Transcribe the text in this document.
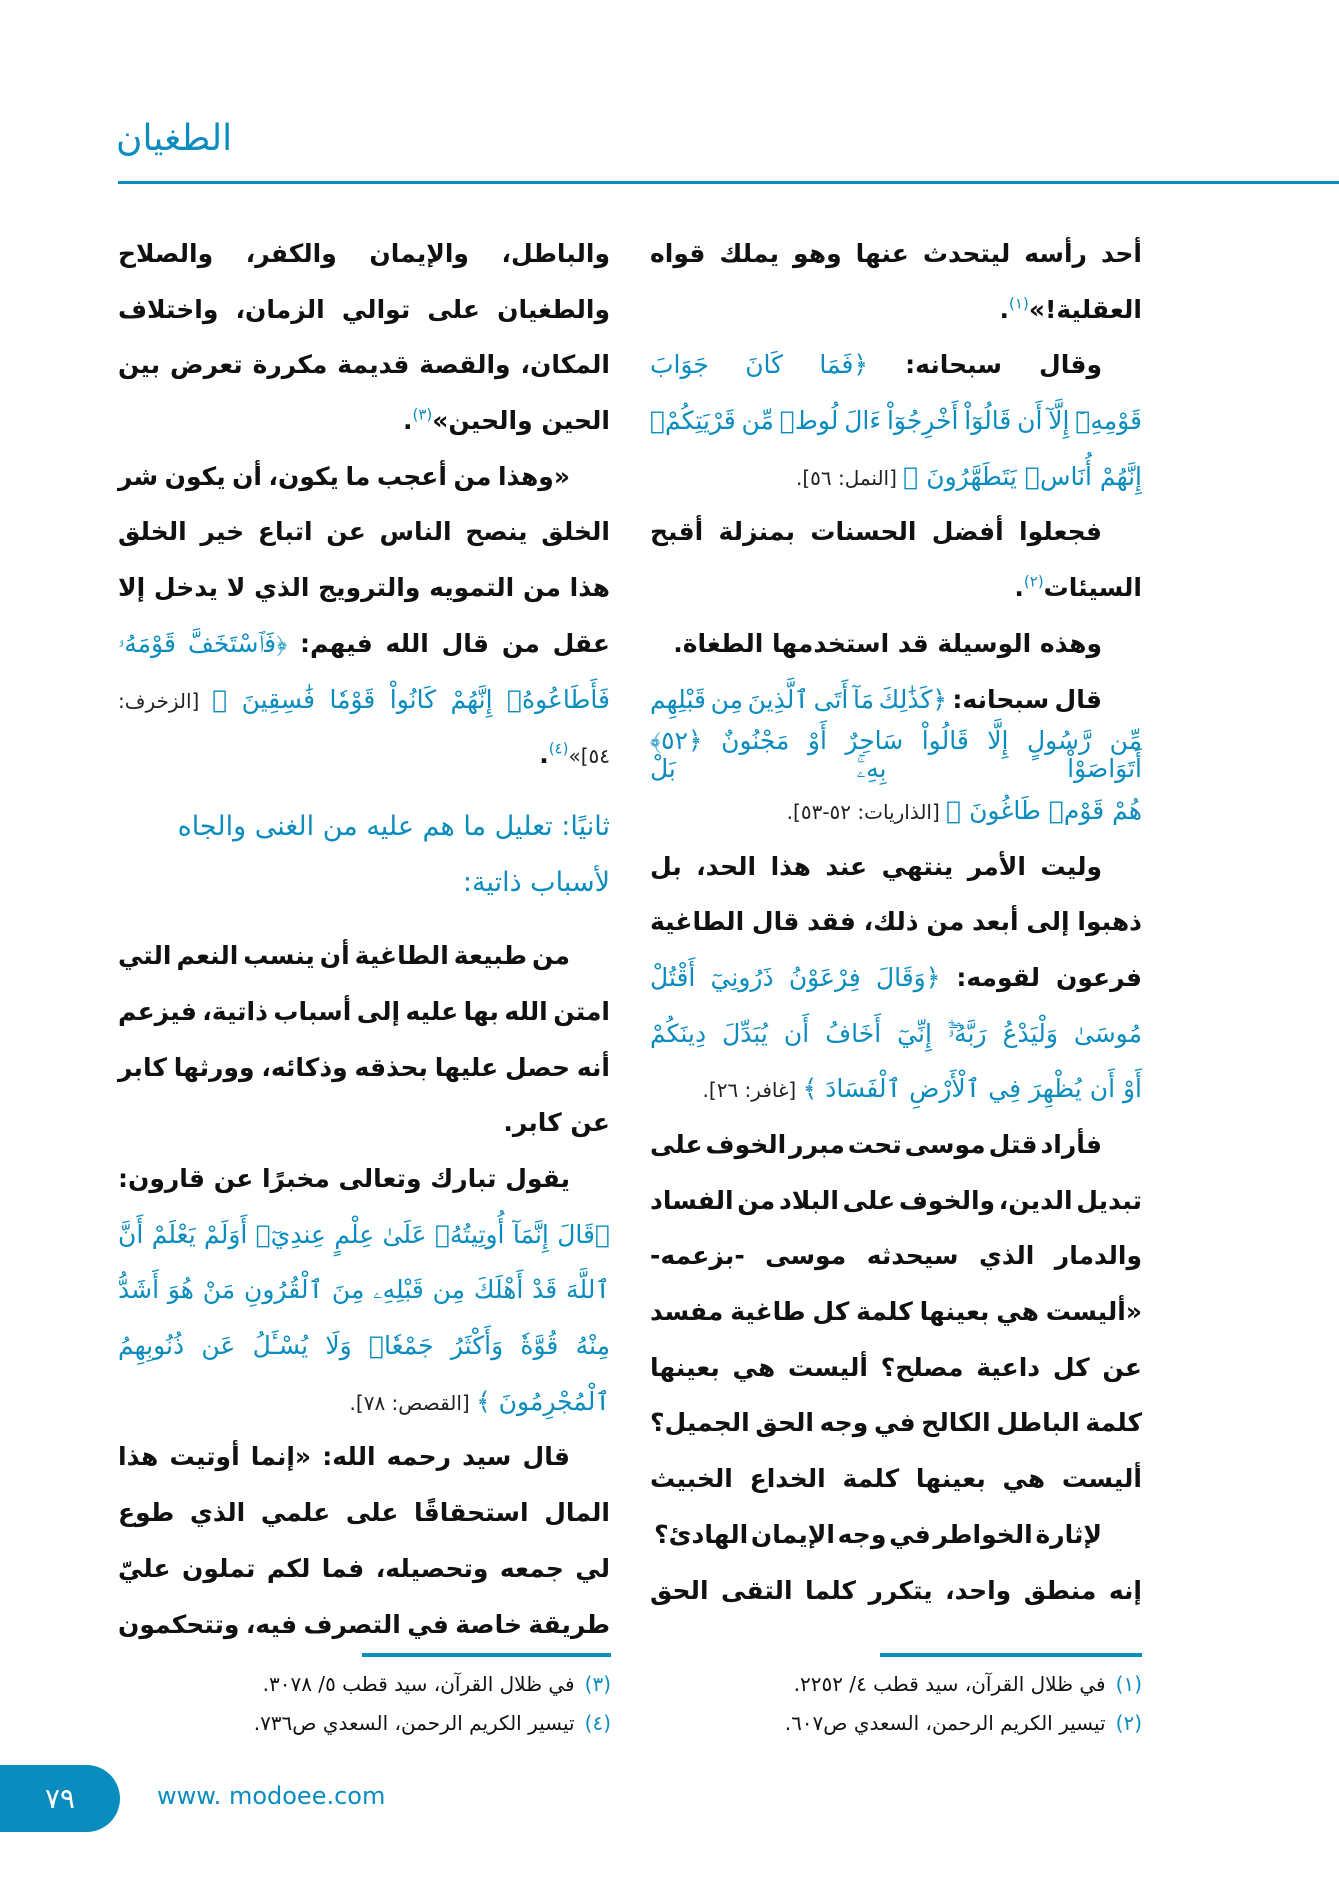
الطغيان
أحد رأسه ليتحدث عنها وهو يملك قواه
العقلية!»$^{(١)}$.
وقال سبحانه: ﴿فَمَا كَانَ جَوَابَ
قَوْمِهِۦٓ إِلَّآ أَن قَالُوٓاْ أَخْرِجُوٓاْ ءَالَ لُوطٖ مِّن قَرْيَتِكُمْۖ
إِنَّهُمْ أُنَاسٞ يَتَطَهَّرُونَ ﴾ [النمل: ٥٦].
فجعلوا أفضل الحسنات بمنزلة أقبح
السيئات$^{(٢)}$.
وهذه الوسيلة قد استخدمها الطغاة.
قال سبحانه: ﴿كَذَٰلِكَ مَآ أَتَى ٱلَّذِينَ مِن قَبْلِهِم
مِّن رَّسُولٍ إِلَّا قَالُواْ سَاحِرٌ أَوْ مَجْنُونٌ ﴿٥٢﴾ أَتَوَاصَوْاْ بِهِۦۚ بَلْ
هُمْ قَوْمٞ طَاغُونَ ﴾ [الذاريات: ٥٢-٥٣].
وليت الأمر ينتهي عند هذا الحد، بل
ذهبوا إلى أبعد من ذلك، فقد قال الطاغية
فرعون لقومه: ﴿وَقَالَ فِرْعَوْنُ ذَرُونِيٓ أَقْتُلْ
مُوسَىٰ وَلْيَدْعُ رَبَّهُۥٓۖ إِنِّيٓ أَخَافُ أَن يُبَدِّلَ دِينَكُمْ
أَوْ أَن يُظْهِرَ فِي ٱلْأَرْضِ ٱلْفَسَادَ ﴾ [غافر: ٢٦].
فأراد قتل موسى تحت مبرر الخوف على
تبديل الدين، والخوف على البلاد من الفساد
والدمار الذي سيحدثه موسى -بزعمه-
«أليست هي بعينها كلمة كل طاغية مفسد
عن كل داعية مصلح؟ أليست هي بعينها
كلمة الباطل الكالح في وجه الحق الجميل؟
أليست هي بعينها كلمة الخداع الخبيث
لإثارة الخواطر في وجه الإيمان الهادئ؟
إنه منطق واحد، يتكرر كلما التقى الحق
والباطل، والإيمان والكفر، والصلاح
والطغيان على توالي الزمان، واختلاف
المكان، والقصة قديمة مكررة تعرض بين
الحين والحين»$^{(٣)}$.
«وهذا من أعجب ما يكون، أن يكون شر
الخلق ينصح الناس عن اتباع خير الخلق
هذا من التمويه والترويج الذي لا يدخل إلا
عقل من قال الله فيهم: ﴿فَٱسْتَخَفَّ قَوْمَهُۥ
فَأَطَاعُوهُۚ إِنَّهُمْ كَانُواْ قَوْمٗا فَٰسِقِينَ ﴾ [الزخرف:
٥٤]»$^{(٤)}$.
ثانيًا: تعليل ما هم عليه من الغنى والجاه
لأسباب ذاتية:
من طبيعة الطاغية أن ينسب النعم التي
امتن الله بها عليه إلى أسباب ذاتية، فيزعم
أنه حصل عليها بحذقه وذكائه، وورثها كابر
عن كابر.
يقول تبارك وتعالى مخبرًا عن قارون:
﴿قَالَ إِنَّمَآ أُوتِيتُهُۥ عَلَىٰ عِلْمٍ عِندِيٓۚ أَوَلَمْ يَعْلَمْ أَنَّ
ٱللَّهَ قَدْ أَهْلَكَ مِن قَبْلِهِۦ مِنَ ٱلْقُرُونِ مَنْ هُوَ أَشَدُّ
مِنْهُ قُوَّةٗ وَأَكْثَرُ جَمْعٗاۚ وَلَا يُسْـَٔلُ عَن ذُنُوبِهِمُ
ٱلْمُجْرِمُونَ ﴾ [القصص: ٧٨].
قال سيد رحمه الله: «إنما أوتيت هذا
المال استحقاقًا على علمي الذي طوع
لي جمعه وتحصيله، فما لكم تملون عليّ
طريقة خاصة في التصرف فيه، وتتحكمون
(١)في ظلال القرآن، سيد قطب ٤/ ٢٢٥٢.
(٢)تيسير الكريم الرحمن، السعدي ص٦٠٧.
(٣)في ظلال القرآن، سيد قطب ٥/ ٣٠٧٨.
(٤)تيسير الكريم الرحمن، السعدي ص٧٣٦.
٧٩	www. modoee.com
